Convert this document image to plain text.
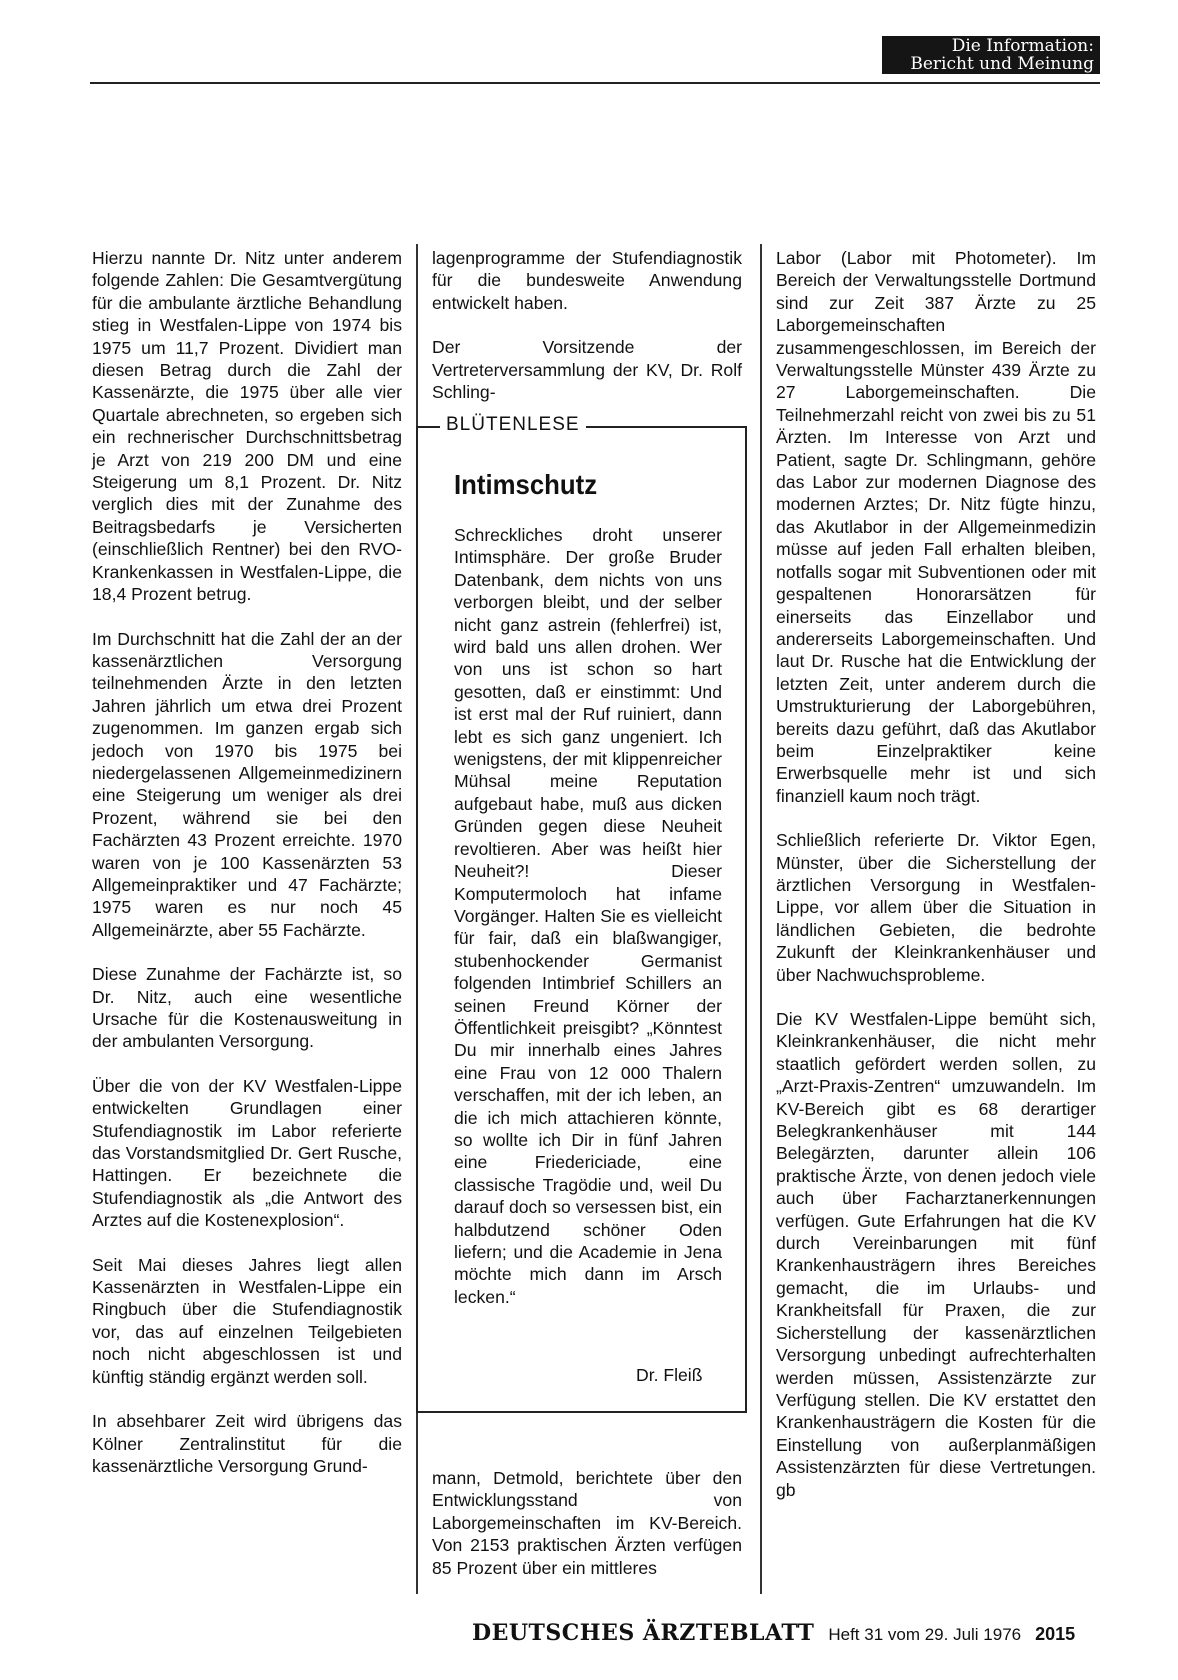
Die Information:
Bericht und Meinung

Hierzu nannte Dr. Nitz unter anderem folgende Zahlen: Die Gesamtvergütung für die ambulante ärztliche Behandlung stieg in Westfalen-Lippe von 1974 bis 1975 um 11,7 Prozent. Dividiert man diesen Betrag durch die Zahl der Kassenärzte, die 1975 über alle vier Quartale abrechneten, so ergeben sich ein rechnerischer Durchschnittsbetrag je Arzt von 219 200 DM und eine Steigerung um 8,1 Prozent. Dr. Nitz verglich dies mit der Zunahme des Beitragsbedarfs je Versicherten (einschließlich Rentner) bei den RVO-Krankenkassen in Westfalen-Lippe, die 18,4 Prozent betrug.

Im Durchschnitt hat die Zahl der an der kassenärztlichen Versorgung teilnehmenden Ärzte in den letzten Jahren jährlich um etwa drei Prozent zugenommen. Im ganzen ergab sich jedoch von 1970 bis 1975 bei niedergelassenen Allgemeinmedizinern eine Steigerung um weniger als drei Prozent, während sie bei den Fachärzten 43 Prozent erreichte. 1970 waren von je 100 Kassenärzten 53 Allgemeinpraktiker und 47 Fachärzte; 1975 waren es nur noch 45 Allgemeinärzte, aber 55 Fachärzte.

Diese Zunahme der Fachärzte ist, so Dr. Nitz, auch eine wesentliche Ursache für die Kostenausweitung in der ambulanten Versorgung.

Über die von der KV Westfalen-Lippe entwickelten Grundlagen einer Stufendiagnostik im Labor referierte das Vorstandsmitglied Dr. Gert Rusche, Hattingen. Er bezeichnete die Stufendiagnostik als „die Antwort des Arztes auf die Kostenexplosion“.

Seit Mai dieses Jahres liegt allen Kassenärzten in Westfalen-Lippe ein Ringbuch über die Stufendiagnostik vor, das auf einzelnen Teilgebieten noch nicht abgeschlossen ist und künftig ständig ergänzt werden soll.

In absehbarer Zeit wird übrigens das Kölner Zentralinstitut für die kassenärztliche Versorgung Grund-

lagenprogramme der Stufendiagnostik für die bundesweite Anwendung entwickelt haben.

Der Vorsitzende der Vertreterversammlung der KV, Dr. Rolf Schling-

BLÜTENLESE
Intimschutz
Schreckliches droht unserer Intimsphäre. Der große Bruder Datenbank, dem nichts von uns verborgen bleibt, und der selber nicht ganz astrein (fehlerfrei) ist, wird bald uns allen drohen. Wer von uns ist schon so hart gesotten, daß er einstimmt: Und ist erst mal der Ruf ruiniert, dann lebt es sich ganz ungeniert. Ich wenigstens, der mit klippenreicher Mühsal meine Reputation aufgebaut habe, muß aus dicken Gründen gegen diese Neuheit revoltieren. Aber was heißt hier Neuheit?! Dieser Komputermoloch hat infame Vorgänger. Halten Sie es vielleicht für fair, daß ein blaßwangiger, stubenhockender Germanist folgenden Intimbrief Schillers an seinen Freund Körner der Öffentlichkeit preisgibt? „Könntest Du mir innerhalb eines Jahres eine Frau von 12 000 Thalern verschaffen, mit der ich leben, an die ich mich attachieren könnte, so wollte ich Dir in fünf Jahren eine Friedericiade, eine classische Tragödie und, weil Du darauf doch so versessen bist, ein halbdutzend schöner Oden liefern; und die Academie in Jena möchte mich dann im Arsch lecken.“
Dr. Fleiß

mann, Detmold, berichtete über den Entwicklungsstand von Laborgemeinschaften im KV-Bereich. Von 2153 praktischen Ärzten verfügen 85 Prozent über ein mittleres

Labor (Labor mit Photometer). Im Bereich der Verwaltungsstelle Dortmund sind zur Zeit 387 Ärzte zu 25 Laborgemeinschaften zusammengeschlossen, im Bereich der Verwaltungsstelle Münster 439 Ärzte zu 27 Laborgemeinschaften. Die Teilnehmerzahl reicht von zwei bis zu 51 Ärzten. Im Interesse von Arzt und Patient, sagte Dr. Schlingmann, gehöre das Labor zur modernen Diagnose des modernen Arztes; Dr. Nitz fügte hinzu, das Akutlabor in der Allgemeinmedizin müsse auf jeden Fall erhalten bleiben, notfalls sogar mit Subventionen oder mit gespaltenen Honorarsätzen für einerseits das Einzellabor und andererseits Laborgemeinschaften. Und laut Dr. Rusche hat die Entwicklung der letzten Zeit, unter anderem durch die Umstrukturierung der Laborgebühren, bereits dazu geführt, daß das Akutlabor beim Einzelpraktiker keine Erwerbsquelle mehr ist und sich finanziell kaum noch trägt.

Schließlich referierte Dr. Viktor Egen, Münster, über die Sicherstellung der ärztlichen Versorgung in Westfalen-Lippe, vor allem über die Situation in ländlichen Gebieten, die bedrohte Zukunft der Kleinkrankenhäuser und über Nachwuchsprobleme.

Die KV Westfalen-Lippe bemüht sich, Kleinkrankenhäuser, die nicht mehr staatlich gefördert werden sollen, zu „Arzt-Praxis-Zentren“ umzuwandeln. Im KV-Bereich gibt es 68 derartiger Belegkrankenhäuser mit 144 Belegärzten, darunter allein 106 praktische Ärzte, von denen jedoch viele auch über Facharztanerkennungen verfügen. Gute Erfahrungen hat die KV durch Vereinbarungen mit fünf Krankenhausträgern ihres Bereiches gemacht, die im Urlaubs- und Krankheitsfall für Praxen, die zur Sicherstellung der kassenärztlichen Versorgung unbedingt aufrechterhalten werden müssen, Assistenzärzte zur Verfügung stellen. Die KV erstattet den Krankenhausträgern die Kosten für die Einstellung von außerplanmäßigen Assistenzärzten für diese Vertretungen. gb

DEUTSCHES ÄRZTEBLATT Heft 31 vom 29. Juli 1976 2015
